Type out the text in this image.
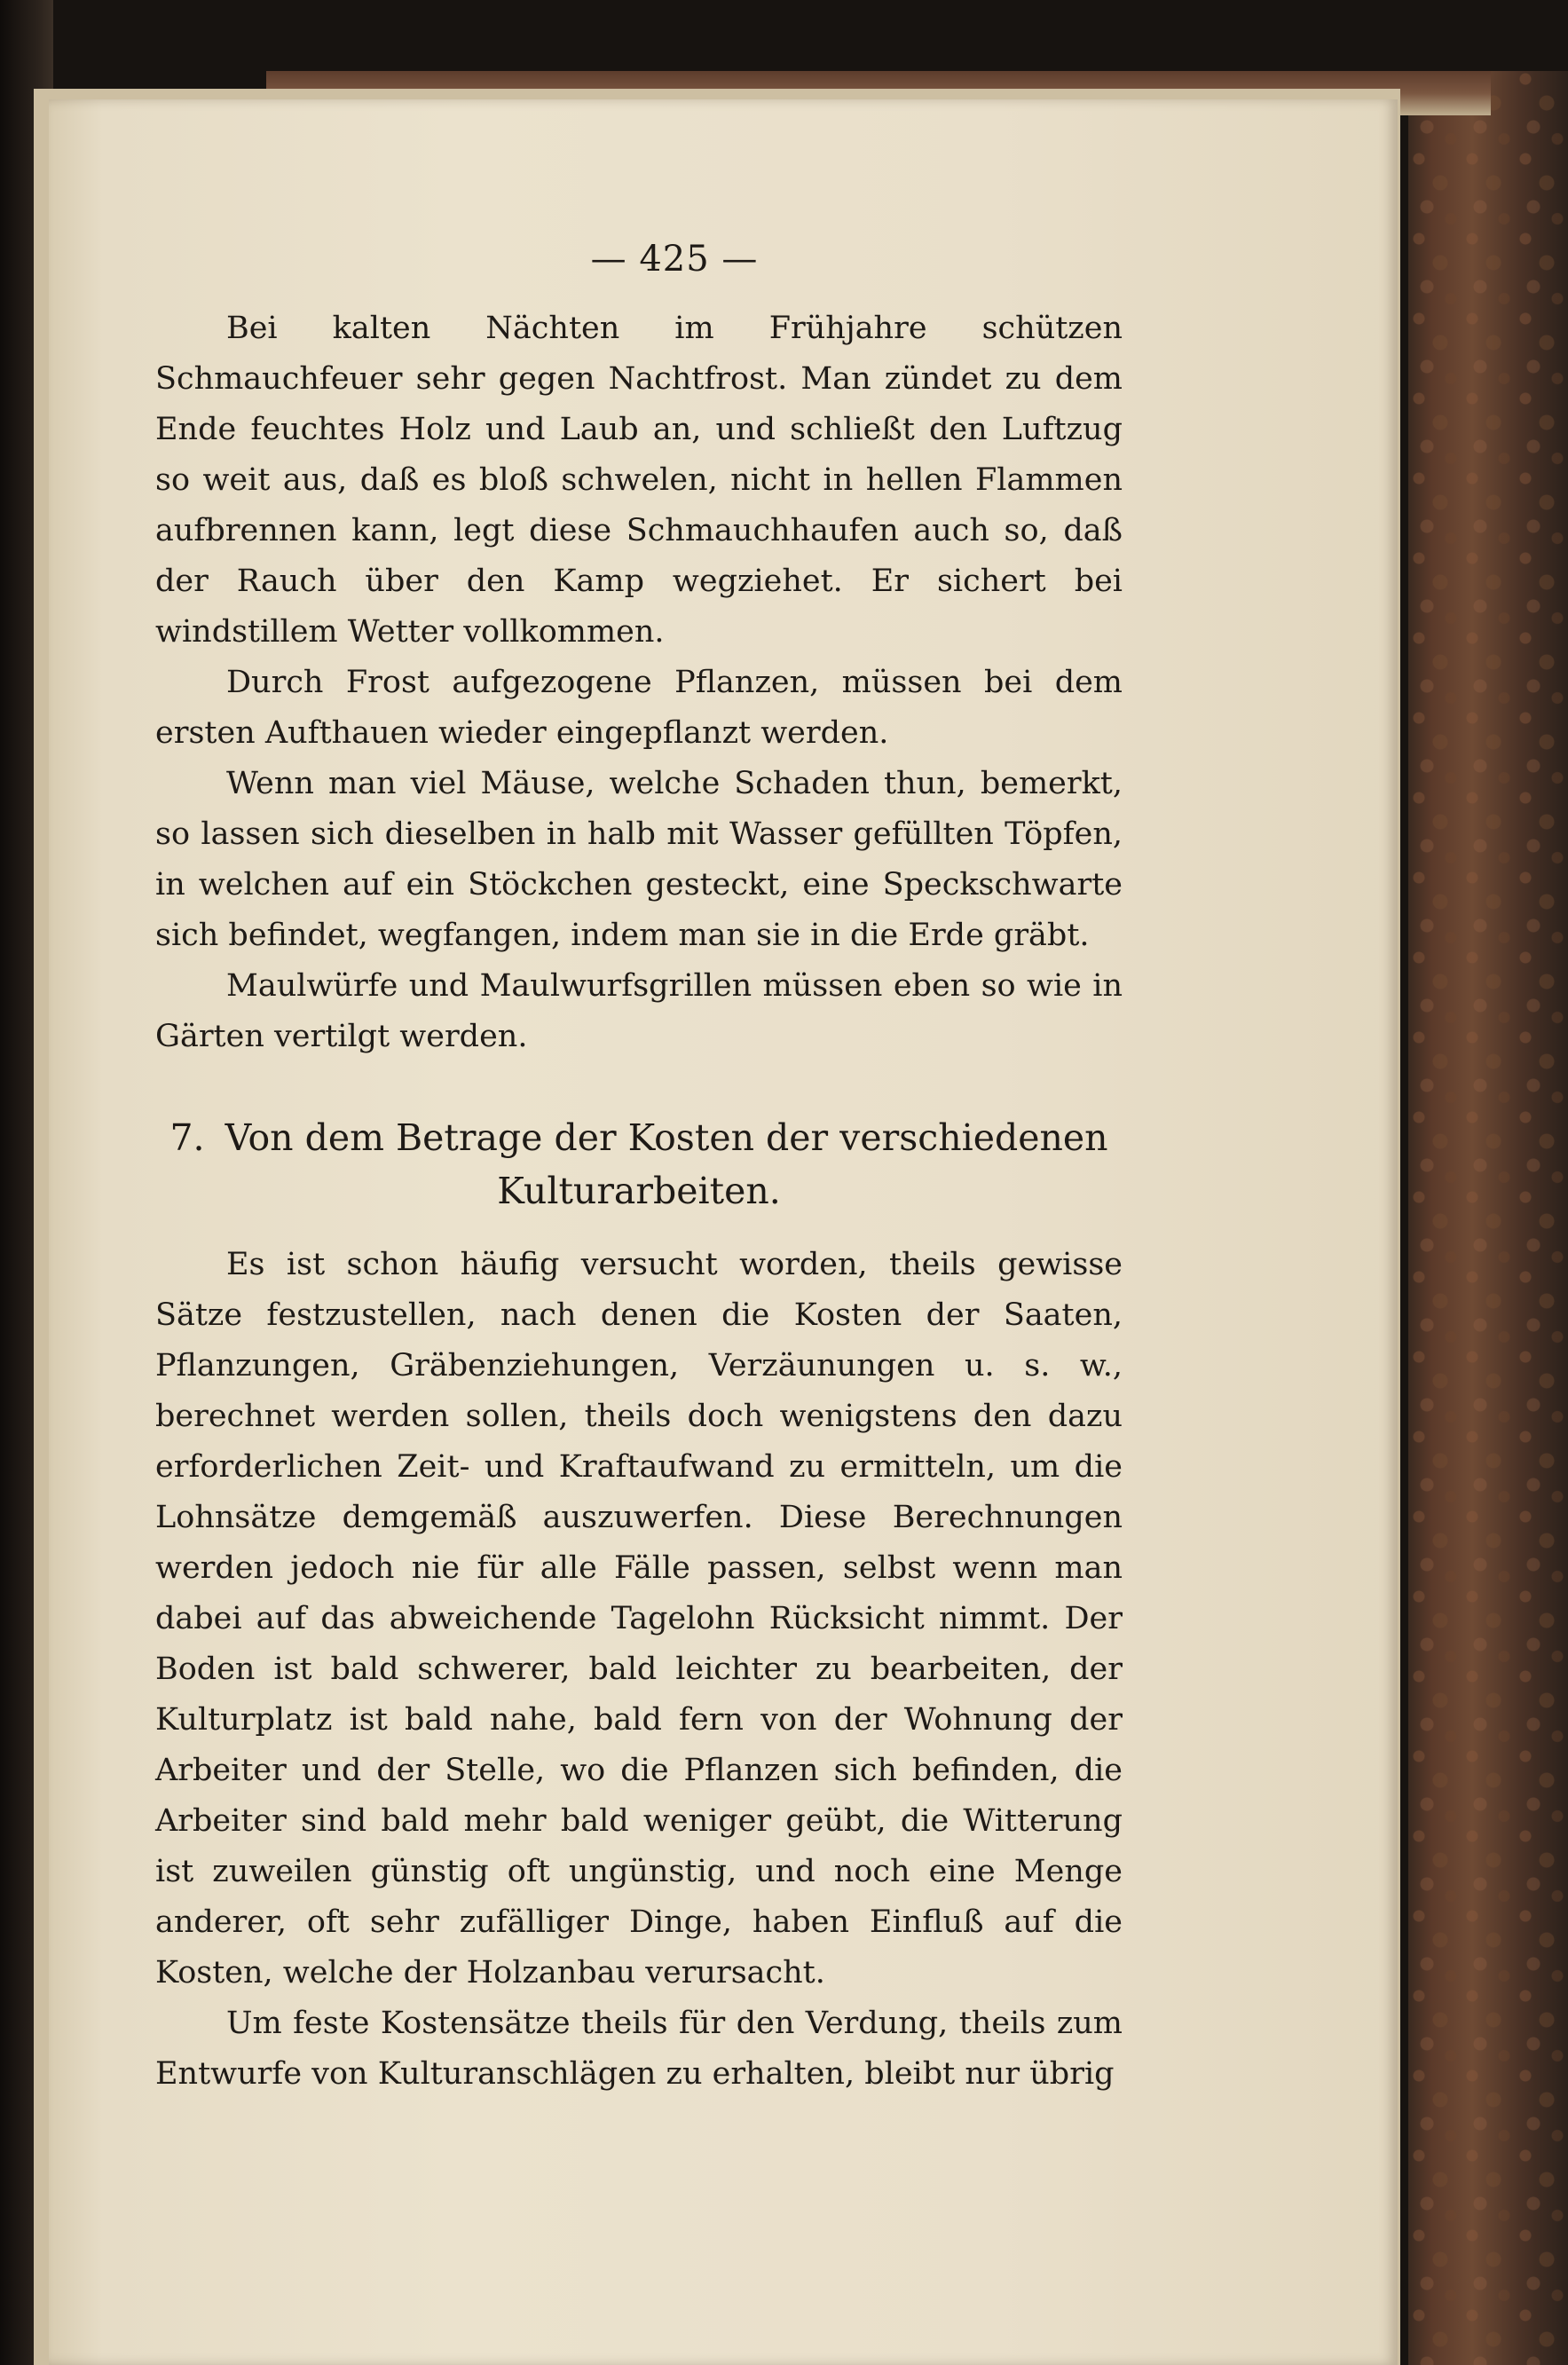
— 425 —

Bei kalten Nächten im Frühjahre schützen Schmauchfeuer sehr gegen Nachtfrost. Man zündet zu dem Ende feuchtes Holz und Laub an, und schließt den Luftzug so weit aus, daß es bloß schwelen, nicht in hellen Flammen aufbrennen kann, legt diese Schmauchhaufen auch so, daß der Rauch über den Kamp wegziehet. Er sichert bei windstillem Wetter vollkommen.

Durch Frost aufgezogene Pflanzen, müssen bei dem ersten Aufthauen wieder eingepflanzt werden.

Wenn man viel Mäuse, welche Schaden thun, bemerkt, so lassen sich dieselben in halb mit Wasser gefüllten Töpfen, in welchen auf ein Stöckchen gesteckt, eine Speckschwarte sich befindet, wegfangen, indem man sie in die Erde gräbt.

Maulwürfe und Maulwurfsgrillen müssen eben so wie in Gärten vertilgt werden.

7. Von dem Betrage der Kosten der verschiedenen Kulturarbeiten.

Es ist schon häufig versucht worden, theils gewisse Sätze festzustellen, nach denen die Kosten der Saaten, Pflanzungen, Gräbenziehungen, Verzäunungen u. s. w., berechnet werden sollen, theils doch wenigstens den dazu erforderlichen Zeit- und Kraftaufwand zu ermitteln, um die Lohnsätze demgemäß auszuwerfen. Diese Berechnungen werden jedoch nie für alle Fälle passen, selbst wenn man dabei auf das abweichende Tagelohn Rücksicht nimmt. Der Boden ist bald schwerer, bald leichter zu bearbeiten, der Kulturplatz ist bald nahe, bald fern von der Wohnung der Arbeiter und der Stelle, wo die Pflanzen sich befinden, die Arbeiter sind bald mehr bald weniger geübt, die Witterung ist zuweilen günstig oft ungünstig, und noch eine Menge anderer, oft sehr zufälliger Dinge, haben Einfluß auf die Kosten, welche der Holzanbau verursacht.

Um feste Kostensätze theils für den Verdung, theils zum Entwurfe von Kulturanschlägen zu erhalten, bleibt nur übrig
